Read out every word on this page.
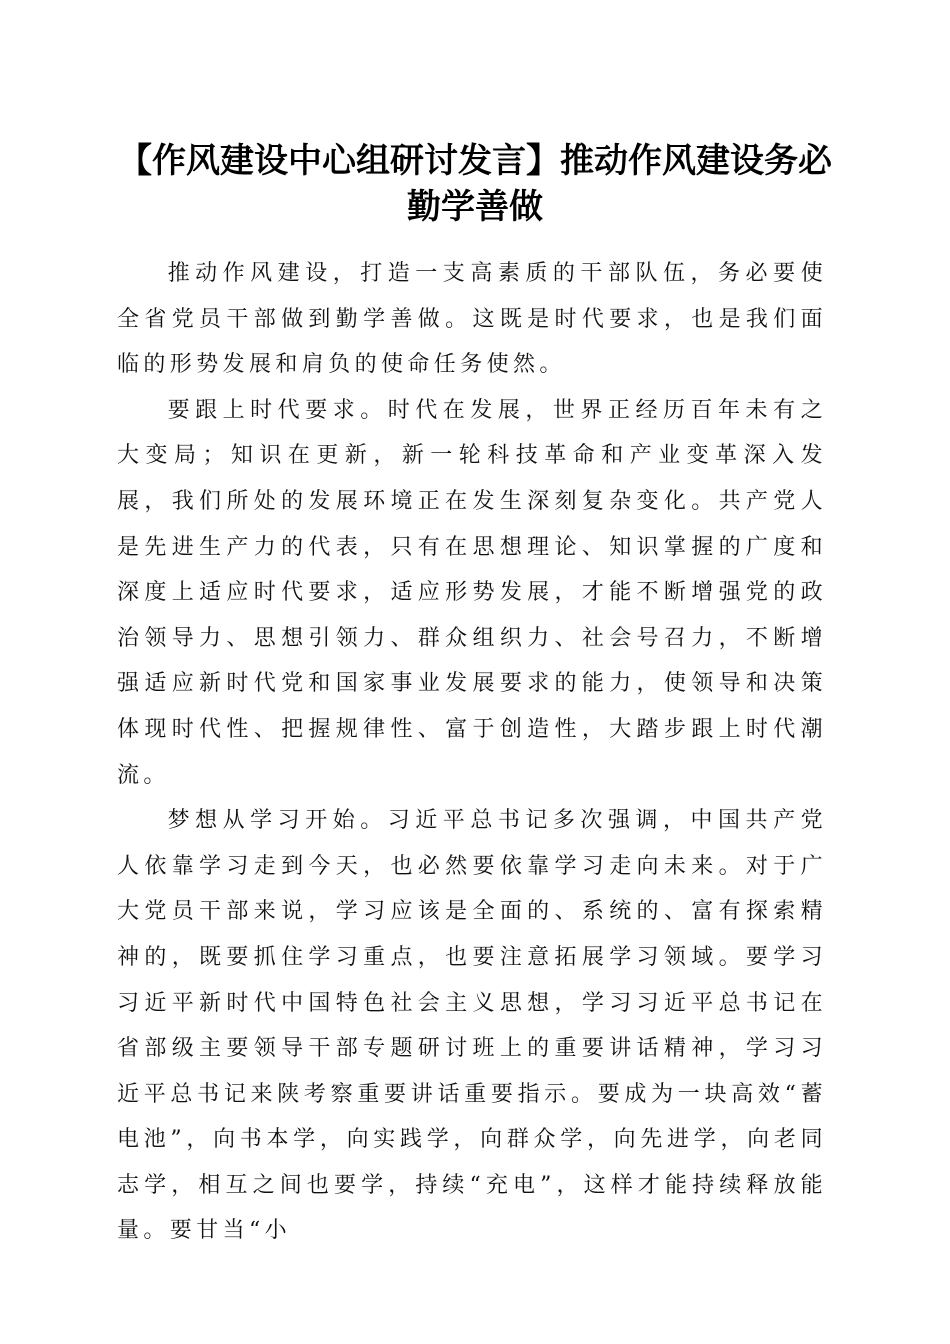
【作风建设中心组研讨发言】推动作风建设务必勤学善做

推动作风建设，打造一支高素质的干部队伍，务必要使全省党员干部做到勤学善做。这既是时代要求，也是我们面临的形势发展和肩负的使命任务使然。

要跟上时代要求。时代在发展，世界正经历百年未有之大变局；知识在更新，新一轮科技革命和产业变革深入发展，我们所处的发展环境正在发生深刻复杂变化。共产党人是先进生产力的代表，只有在思想理论、知识掌握的广度和深度上适应时代要求，适应形势发展，才能不断增强党的政治领导力、思想引领力、群众组织力、社会号召力，不断增强适应新时代党和国家事业发展要求的能力，使领导和决策体现时代性、把握规律性、富于创造性，大踏步跟上时代潮流。

梦想从学习开始。习近平总书记多次强调，中国共产党人依靠学习走到今天，也必然要依靠学习走向未来。对于广大党员干部来说，学习应该是全面的、系统的、富有探索精神的，既要抓住学习重点，也要注意拓展学习领域。要学习习近平新时代中国特色社会主义思想，学习习近平总书记在省部级主要领导干部专题研讨班上的重要讲话精神，学习习近平总书记来陕考察重要讲话重要指示。要成为一块高效“蓄电池”，向书本学，向实践学，向群众学，向先进学，向老同志学，相互之间也要学，持续“充电”，这样才能持续释放能量。要甘当“小
